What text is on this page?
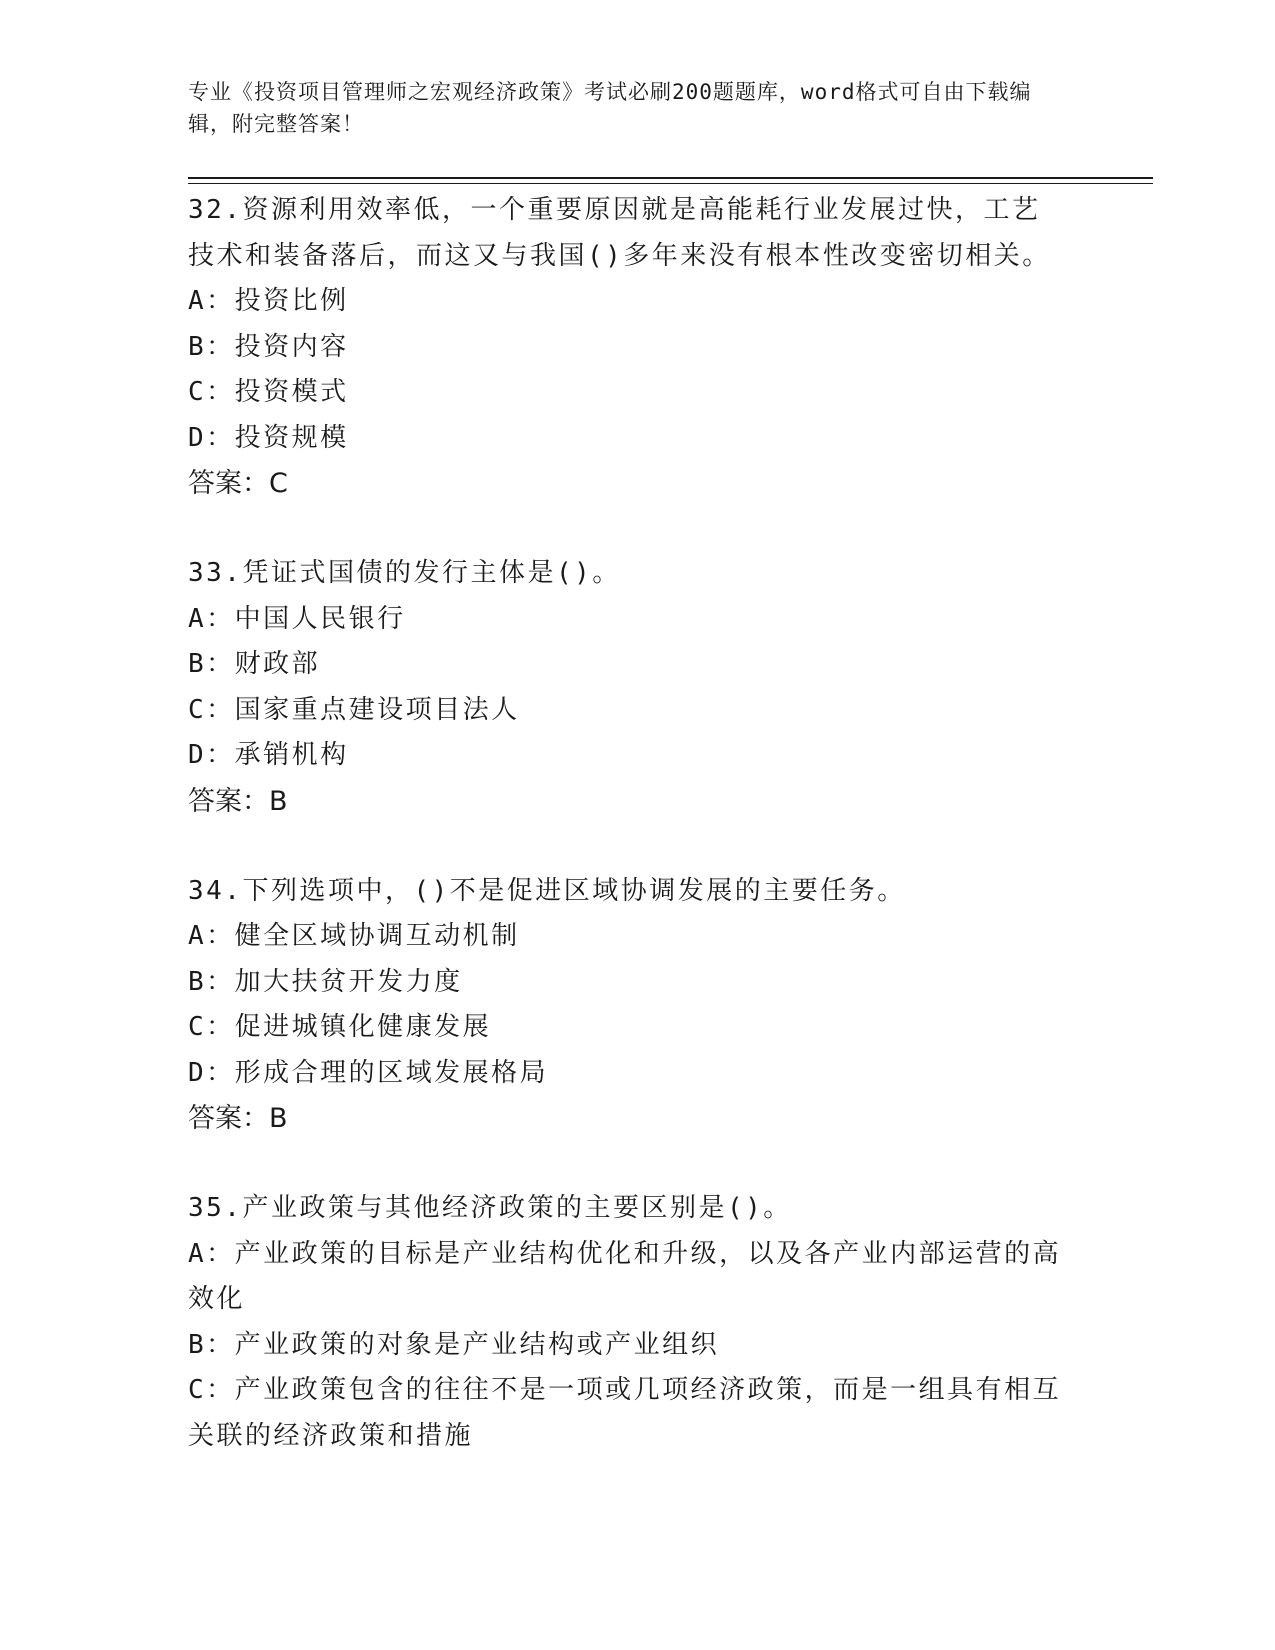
专业《投资项目管理师之宏观经济政策》考试必刷200题题库，word格式可自由下载编辑，附完整答案！

32.资源利用效率低，一个重要原因就是高能耗行业发展过快，工艺技术和装备落后，而这又与我国()多年来没有根本性改变密切相关。

A：投资比例

B：投资内容

C：投资模式

D：投资规模

答案：C

33.凭证式国债的发行主体是()。

A：中国人民银行

B：财政部

C：国家重点建设项目法人

D：承销机构

答案：B

34.下列选项中，()不是促进区域协调发展的主要任务。

A：健全区域协调互动机制

B：加大扶贫开发力度

C：促进城镇化健康发展

D：形成合理的区域发展格局

答案：B

35.产业政策与其他经济政策的主要区别是()。

A：产业政策的目标是产业结构优化和升级，以及各产业内部运营的高效化

B：产业政策的对象是产业结构或产业组织

C：产业政策包含的往往不是一项或几项经济政策，而是一组具有相互关联的经济政策和措施
